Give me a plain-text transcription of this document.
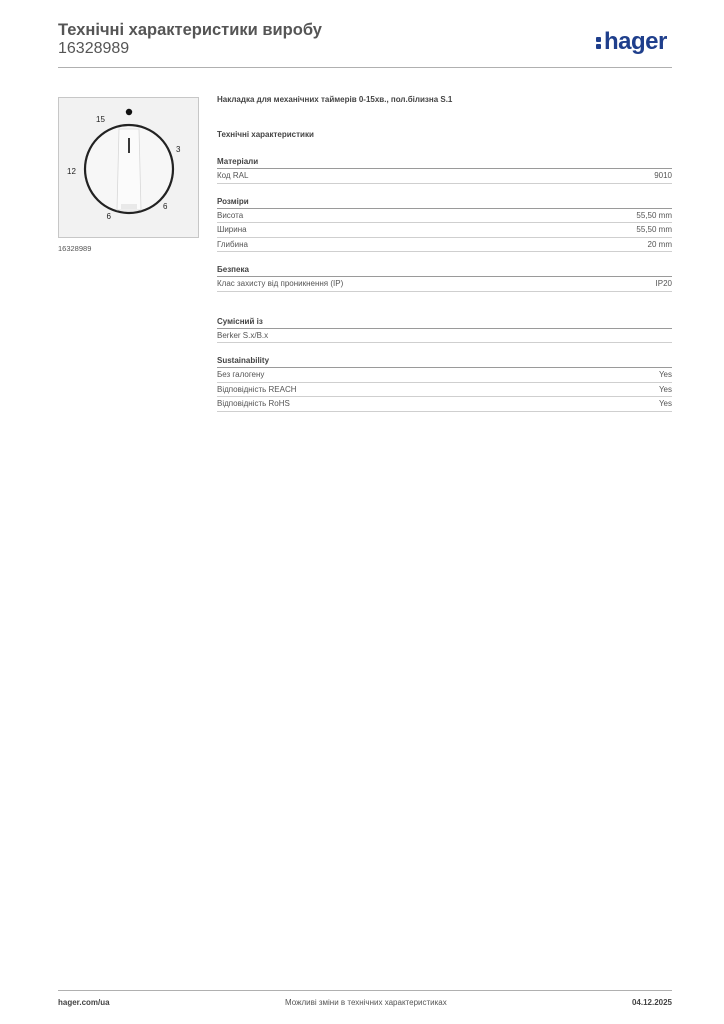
Технічні характеристики виробу
16328989	hager
15
3
12
6
9
16328989
Накладка для механічних таймерів 0-15хв., пол.білизна S.1
Технічні характеристики
Матеріали
Код RAL	9010
Розміри
Висота	55,50 mm
Ширина	55,50 mm
Глибина	20 mm
Безпека
Клас захисту від проникнення (IP)	IP20
Сумісний із
Berker S.x/B.x
Sustainability
Без галогену	Yes
Відповідність REACH	Yes
Відповідність RoHS	Yes
hager.com/ua	Можливі зміни в технічних характеристиках	04.12.2025
